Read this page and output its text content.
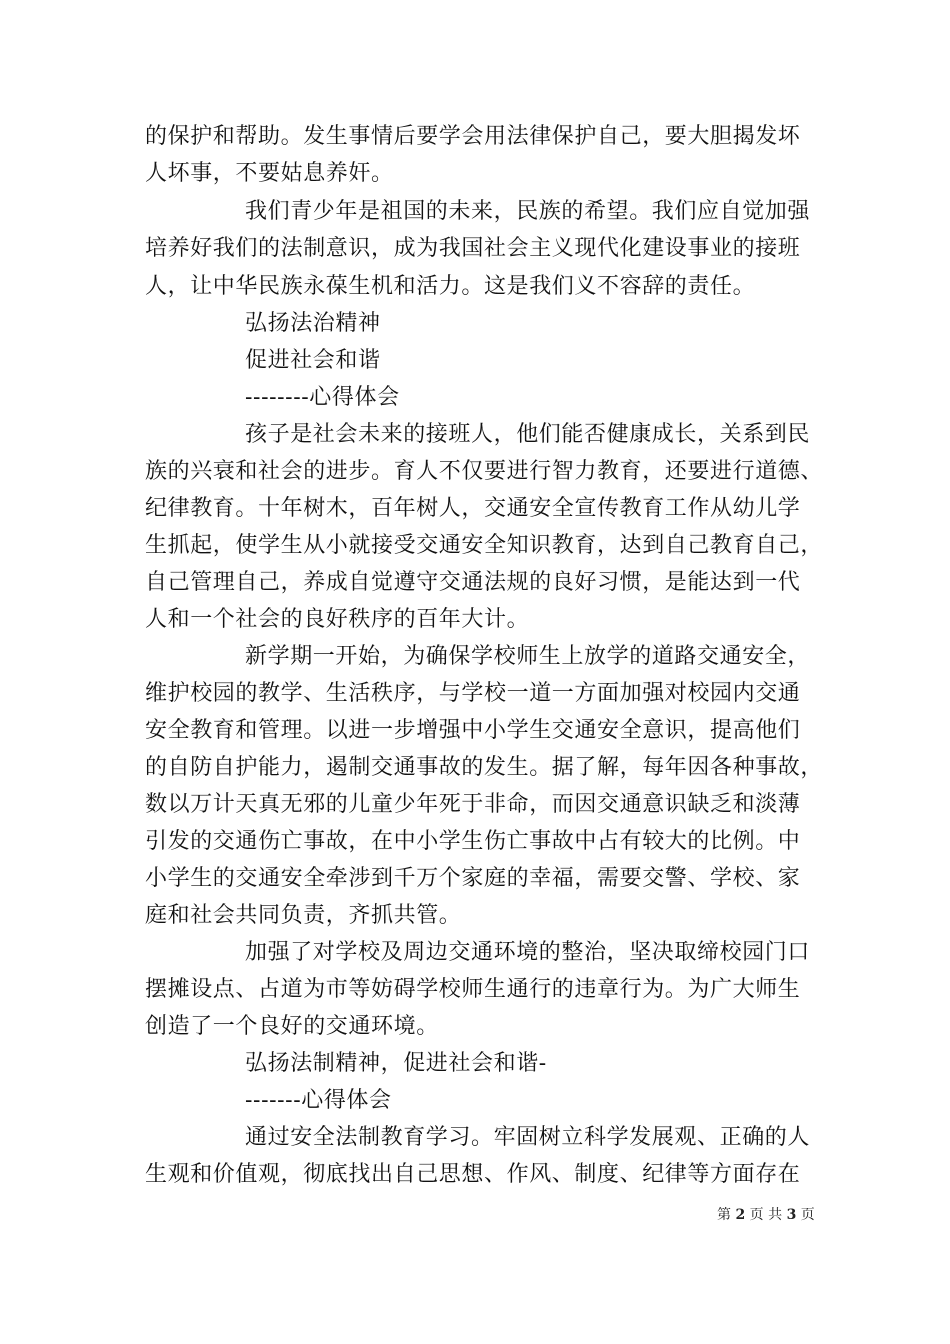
的保护和帮助。发生事情后要学会用法律保护自己，要大胆揭发坏
人坏事，不要姑息养奸。
我们青少年是祖国的未来，民族的希望。我们应自觉加强
培养好我们的法制意识，成为我国社会主义现代化建设事业的接班
人，让中华民族永葆生机和活力。这是我们义不容辞的责任。
弘扬法治精神
促进社会和谐
--------心得体会
孩子是社会未来的接班人，他们能否健康成长，关系到民
族的兴衰和社会的进步。育人不仅要进行智力教育，还要进行道德、
纪律教育。十年树木，百年树人，交通安全宣传教育工作从幼儿学
生抓起，使学生从小就接受交通安全知识教育，达到自己教育自己，
自己管理自己，养成自觉遵守交通法规的良好习惯，是能达到一代
人和一个社会的良好秩序的百年大计。
新学期一开始，为确保学校师生上放学的道路交通安全，
维护校园的教学、生活秩序，与学校一道一方面加强对校园内交通
安全教育和管理。以进一步增强中小学生交通安全意识，提高他们
的自防自护能力，遏制交通事故的发生。据了解，每年因各种事故，
数以万计天真无邪的儿童少年死于非命，而因交通意识缺乏和淡薄
引发的交通伤亡事故，在中小学生伤亡事故中占有较大的比例。中
小学生的交通安全牵涉到千万个家庭的幸福，需要交警、学校、家
庭和社会共同负责，齐抓共管。
加强了对学校及周边交通环境的整治，坚决取缔校园门口
摆摊设点、占道为市等妨碍学校师生通行的违章行为。为广大师生
创造了一个良好的交通环境。
弘扬法制精神，促进社会和谐-
-------心得体会
通过安全法制教育学习。牢固树立科学发展观、正确的人
生观和价值观，彻底找出自己思想、作风、制度、纪律等方面存在
第 2 页 共 3 页
